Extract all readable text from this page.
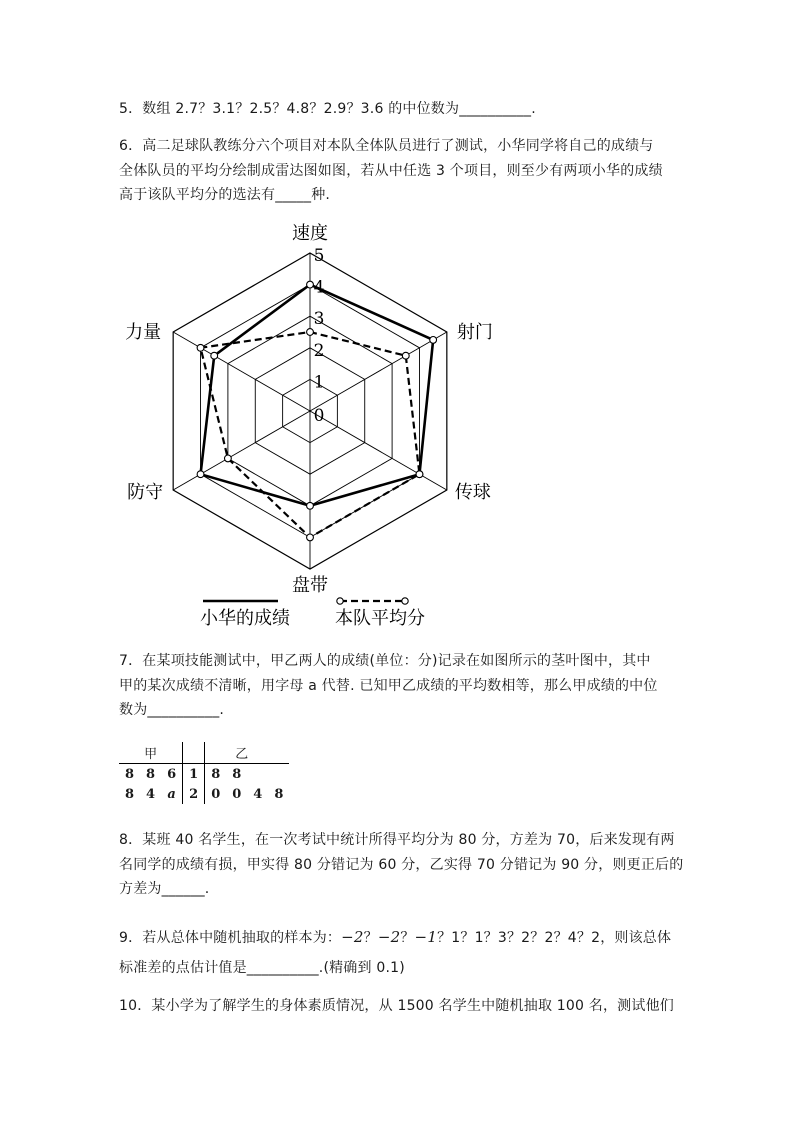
5．数组 2.7？3.1？2.5？4.8？2.9？3.6 的中位数为__________.
6．高二足球队教练分六个项目对本队全体队员进行了测试，小华同学将自己的成绩与
全体队员的平均分绘制成雷达图如图，若从中任选 3 个项目，则至少有两项小华的成绩
高于该队平均分的选法有_____种.
0
1
2
3
4
5
速度
射门
传球
盘带
防守
力量
小华的成绩	本队平均分
7．在某项技能测试中，甲乙两人的成绩(单位：分)记录在如图所示的茎叶图中，其中
甲的某次成绩不清晰，用字母 a 代替. 已知甲乙成绩的平均数相等，那么甲成绩的中位
数为__________.
甲				乙			
8	8	6	1	8	8		
8	4	a	2	0	0	4	8
8．某班 40 名学生，在一次考试中统计所得平均分为 80 分，方差为 70，后来发现有两
名同学的成绩有损，甲实得 80 分错记为 60 分，乙实得 70 分错记为 90 分，则更正后的
方差为______.
9．若从总体中随机抽取的样本为：−2？−2？−1？1？1？3？2？2？4？2，则该总体
标准差的点估计值是__________.(精确到 0.1)
10．某小学为了解学生的身体素质情况，从 1500 名学生中随机抽取 100 名，测试他们
